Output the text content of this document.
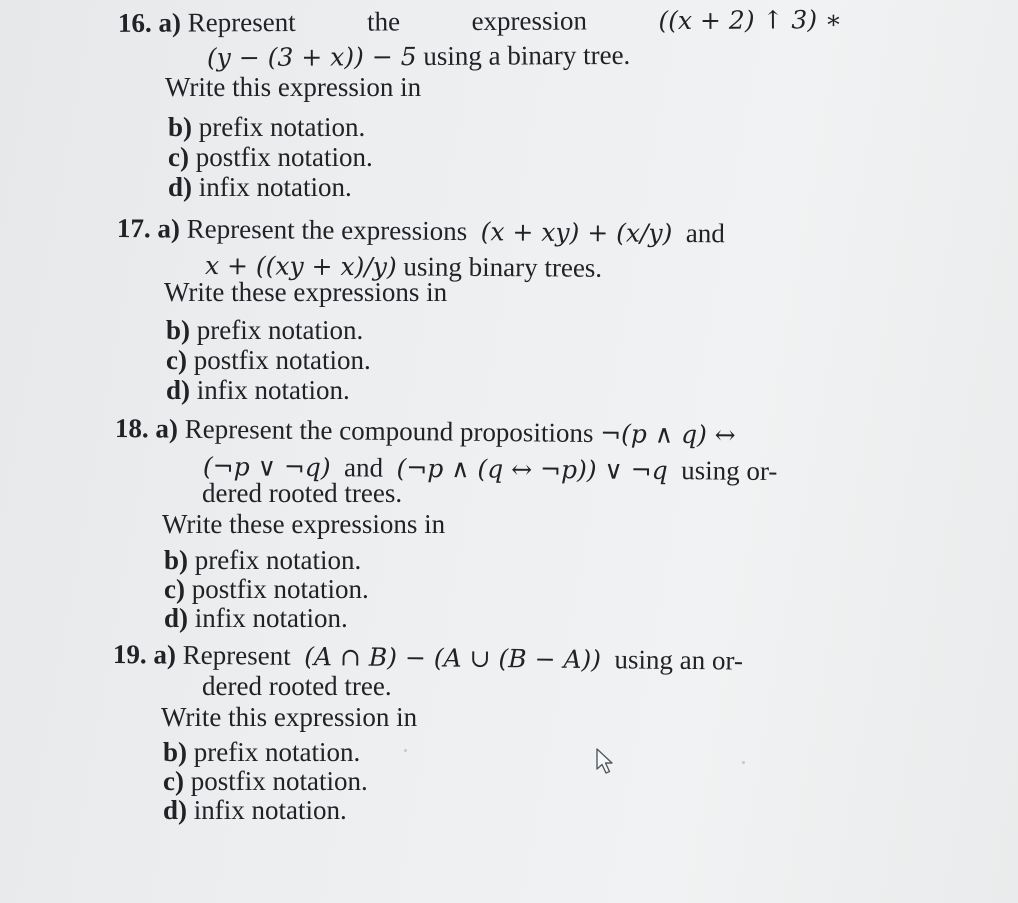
16. a) Represent	the	expression	((x + 2) ↑ 3) ∗
(y − (3 + x)) − 5 using a binary tree.
Write this expression in
b) prefix notation.
c) postfix notation.
d) infix notation.
17. a) Represent the expressions (x + xy) + (x/y) and
x + ((xy + x)/y) using binary trees.
Write these expressions in
b) prefix notation.
c) postfix notation.
d) infix notation.
18. a) Represent the compound propositions ¬(p ∧ q) ↔
(¬p ∨ ¬q) and (¬p ∧ (q ↔ ¬p)) ∨ ¬q using or-
dered rooted trees.
Write these expressions in
b) prefix notation.
c) postfix notation.
d) infix notation.
19. a) Represent (A ∩ B) − (A ∪ (B − A)) using an or-
dered rooted tree.
Write this expression in
b) prefix notation.
c) postfix notation.
d) infix notation.
